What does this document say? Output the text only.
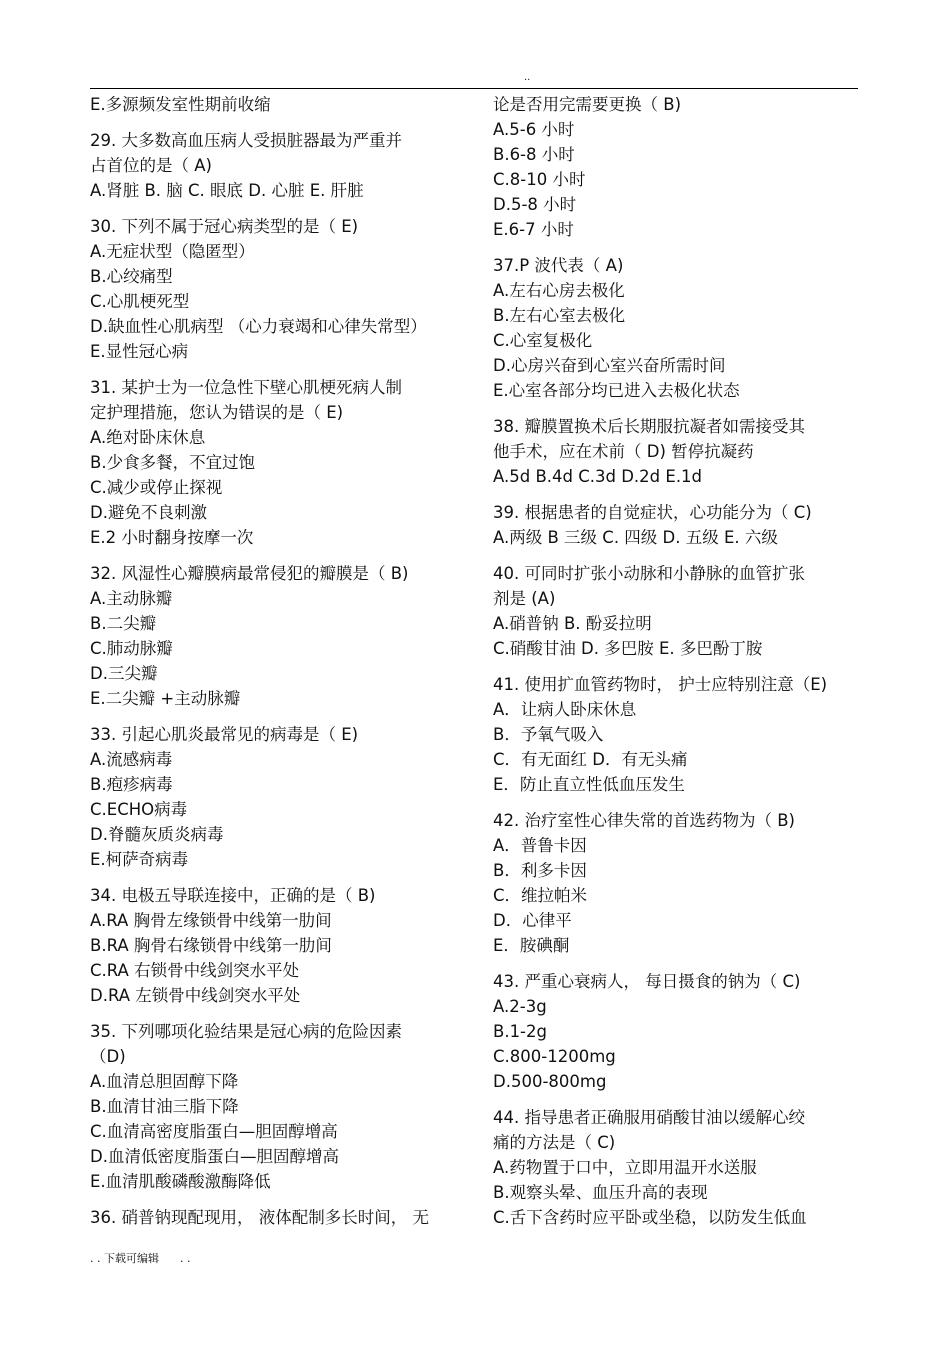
..
E.多源频发室性期前收缩
29. 大多数高血压病人受损脏器最为严重并
占首位的是（ A)
A.肾脏 B. 脑 C. 眼底 D. 心脏 E. 肝脏
30. 下列不属于冠心病类型的是（ E)
A.无症状型（隐匿型）
B.心绞痛型
C.心肌梗死型
D.缺血性心肌病型 （心力衰竭和心律失常型）
E.显性冠心病
31. 某护士为一位急性下壁心肌梗死病人制
定护理措施，您认为错误的是（ E)
A.绝对卧床休息
B.少食多餐，不宜过饱
C.减少或停止探视
D.避免不良刺激
E.2 小时翻身按摩一次
32. 风湿性心瓣膜病最常侵犯的瓣膜是（ B)
A.主动脉瓣
B.二尖瓣
C.肺动脉瓣
D.三尖瓣
E.二尖瓣 +主动脉瓣
33. 引起心肌炎最常见的病毒是（ E)
A.流感病毒
B.疱疹病毒
C.ECHO病毒
D.脊髓灰质炎病毒
E.柯萨奇病毒
34. 电极五导联连接中，正确的是（ B)
A.RA 胸骨左缘锁骨中线第一肋间
B.RA 胸骨右缘锁骨中线第一肋间
C.RA 右锁骨中线剑突水平处
D.RA 左锁骨中线剑突水平处
35. 下列哪项化验结果是冠心病的危险因素
（D)
A.血清总胆固醇下降
B.血清甘油三脂下降
C.血清高密度脂蛋白—胆固醇增高
D.血清低密度脂蛋白—胆固醇增高
E.血清肌酸磷酸激酶降低
36. 硝普钠现配现用， 液体配制多长时间， 无
论是否用完需要更换（ B)
A.5-6 小时
B.6-8 小时
C.8-10 小时
D.5-8 小时
E.6-7 小时
37.P 波代表（ A)
A.左右心房去极化
B.左右心室去极化
C.心室复极化
D.心房兴奋到心室兴奋所需时间
E.心室各部分均已进入去极化状态
38. 瓣膜置换术后长期服抗凝者如需接受其
他手术，应在术前（ D) 暂停抗凝药
A.5d B.4d C.3d D.2d E.1d
39. 根据患者的自觉症状，心功能分为（ C)
A.两级 B 三级 C. 四级 D. 五级 E. 六级
40. 可同时扩张小动脉和小静脉的血管扩张
剂是 (A)
A.硝普钠 B. 酚妥拉明
C.硝酸甘油 D. 多巴胺 E. 多巴酚丁胺
41. 使用扩血管药物时， 护士应特别注意（E)
A．让病人卧床休息
B．予氧气吸入
C．有无面红 D．有无头痛
E．防止直立性低血压发生
42. 治疗室性心律失常的首选药物为（ B)
A．普鲁卡因
B．利多卡因
C．维拉帕米
D．心律平
E．胺碘酮
43. 严重心衰病人， 每日摄食的钠为（ C)
A.2-3g
B.1-2g
C.800-1200mg
D.500-800mg
44. 指导患者正确服用硝酸甘油以缓解心绞
痛的方法是（ C)
A.药物置于口中，立即用温开水送服
B.观察头晕、血压升高的表现
C.舌下含药时应平卧或坐稳，以防发生低血
. . 下载可编辑      . .
